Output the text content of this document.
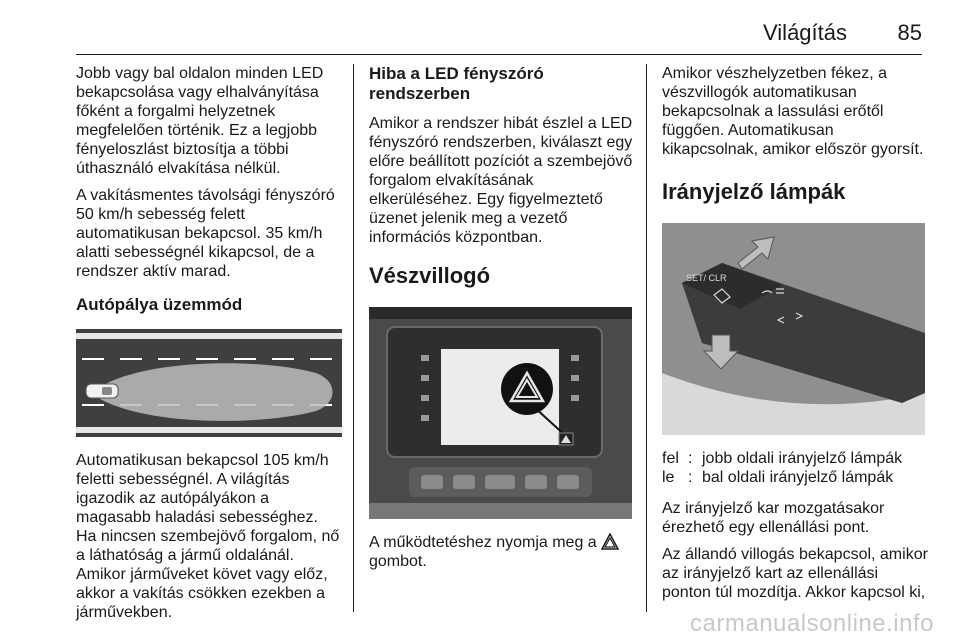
Világítás 85

Jobb vagy bal oldalon minden LED bekapcsolása vagy elhalványítása főként a forgalmi helyzetnek megfelelően történik. Ez a legjobb fényeloszlást biztosítja a többi úthasználó elvakítása nélkül.

A vakításmentes távolsági fényszóró 50 km/h sebesség felett automatikusan bekapcsol. 35 km/h alatti sebességnél kikapcsol, de a rendszer aktív marad.

Autópálya üzemmód

Automatikusan bekapcsol 105 km/h feletti sebességnél. A világítás igazodik az autópályákon a magasabb haladási sebességhez. Ha nincsen szembejövő forgalom, nő a láthatóság a jármű oldalánál. Amikor járműveket követ vagy előz, akkor a vakítás csökken ezekben a járművekben.

Hiba a LED fényszóró rendszerben

Amikor a rendszer hibát észlel a LED fényszóró rendszerben, kiválaszt egy előre beállított pozíciót a szembejövő forgalom elvakításának elkerüléséhez. Egy figyelmeztető üzenet jelenik meg a vezető információs központban.

Vészvillogó

A működtetéshez nyomja meg a  gombot.

Amikor vészhelyzetben fékez, a vészvillogók automatikusan bekapcsolnak a lassulási erőtől függően. Automatikusan kikapcsolnak, amikor először gyorsít.

Irányjelző lámpák
SET/ CLR
fel : jobb oldali irányjelző lámpák
le : bal oldali irányjelző lámpák

Az irányjelző kar mozgatásakor érezhető egy ellenállási pont.

Az állandó villogás bekapcsol, amikor az irányjelző kart az ellenállási ponton túl mozdítja. Akkor kapcsol ki,

carmanualsonline.info
